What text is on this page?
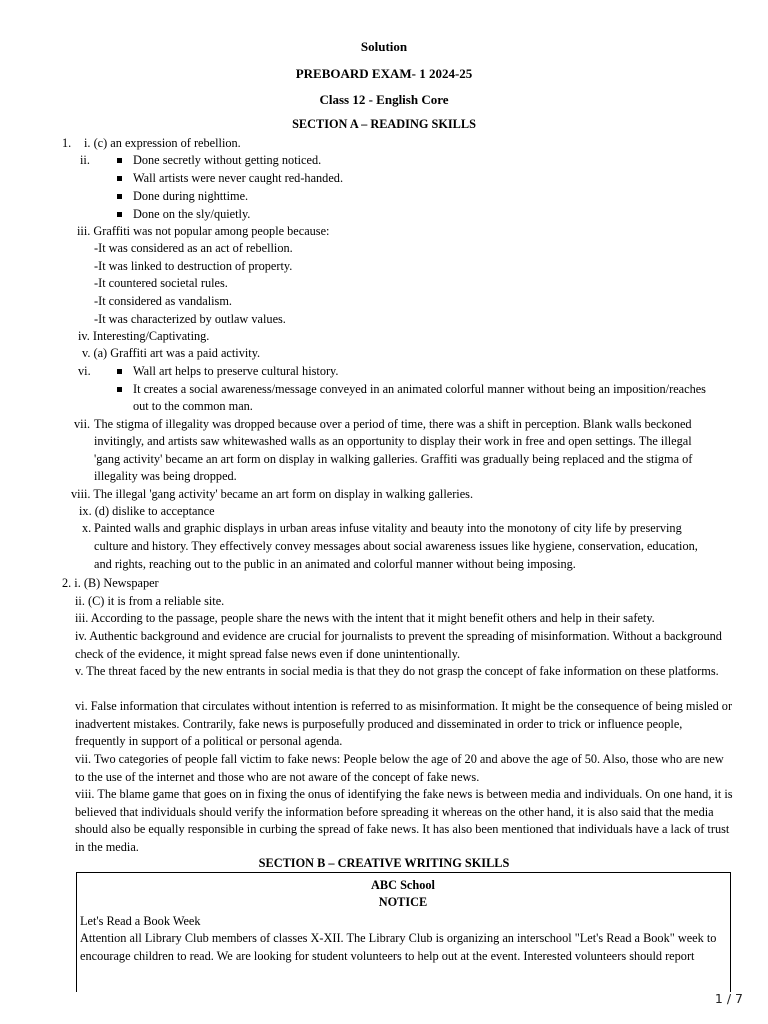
Solution
PREBOARD EXAM- 1 2024-25
Class 12 - English Core
SECTION A – READING SKILLS
1. i. (c) an expression of rebellion.
ii.	Done secretly without getting noticed.
Wall artists were never caught red-handed.
Done during nighttime.
Done on the sly/quietly.
iii. Graffiti was not popular among people because:
-It was considered as an act of rebellion.
-It was linked to destruction of property.
-It countered societal rules.
-It considered as vandalism.
-It was characterized by outlaw values.
iv. Interesting/Captivating.
v. (a) Graffiti art was a paid activity.
vi.	Wall art helps to preserve cultural history.
It creates a social awareness/message conveyed in an animated colorful manner without being an imposition/reaches
out to the common man.
vii. The stigma of illegality was dropped because over a period of time, there was a shift in perception. Blank walls beckoned
invitingly, and artists saw whitewashed walls as an opportunity to display their work in free and open settings. The illegal
'gang activity' became an art form on display in walking galleries. Graffiti was gradually being replaced and the stigma of
illegality was being dropped.
viii. The illegal 'gang activity' became an art form on display in walking galleries.
ix. (d) dislike to acceptance
x. Painted walls and graphic displays in urban areas infuse vitality and beauty into the monotony of city life by preserving
culture and history. They effectively convey messages about social awareness issues like hygiene, conservation, education,
and rights, reaching out to the public in an animated and colorful manner without being imposing.
2. i. (B) Newspaper
ii. (C) it is from a reliable site.
iii. According to the passage, people share the news with the intent that it might benefit others and help in their safety.
iv. Authentic background and evidence are crucial for journalists to prevent the spreading of misinformation. Without a background check of the evidence, it might spread false news even if done unintentionally.
v. The threat faced by the new entrants in social media is that they do not grasp the concept of fake information on these platforms.
vi. False information that circulates without intention is referred to as misinformation. It might be the consequence of being misled or inadvertent mistakes. Contrarily, fake news is purposefully produced and disseminated in order to trick or influence people, frequently in support of a political or personal agenda.
vii. Two categories of people fall victim to fake news: People below the age of 20 and above the age of 50. Also, those who are new to the use of the internet and those who are not aware of the concept of fake news.
viii. The blame game that goes on in fixing the onus of identifying the fake news is between media and individuals. On one hand, it is believed that individuals should verify the information before spreading it whereas on the other hand, it is also said that the media should also be equally responsible in curbing the spread of fake news. It has also been mentioned that individuals have a lack of trust in the media.
SECTION B – CREATIVE WRITING SKILLS
ABC School
NOTICE
Let's Read a Book Week
Attention all Library Club members of classes X-XII. The Library Club is organizing an interschool "Let's Read a Book" week to encourage children to read. We are looking for student volunteers to help out at the event. Interested volunteers should report
1 / 7
